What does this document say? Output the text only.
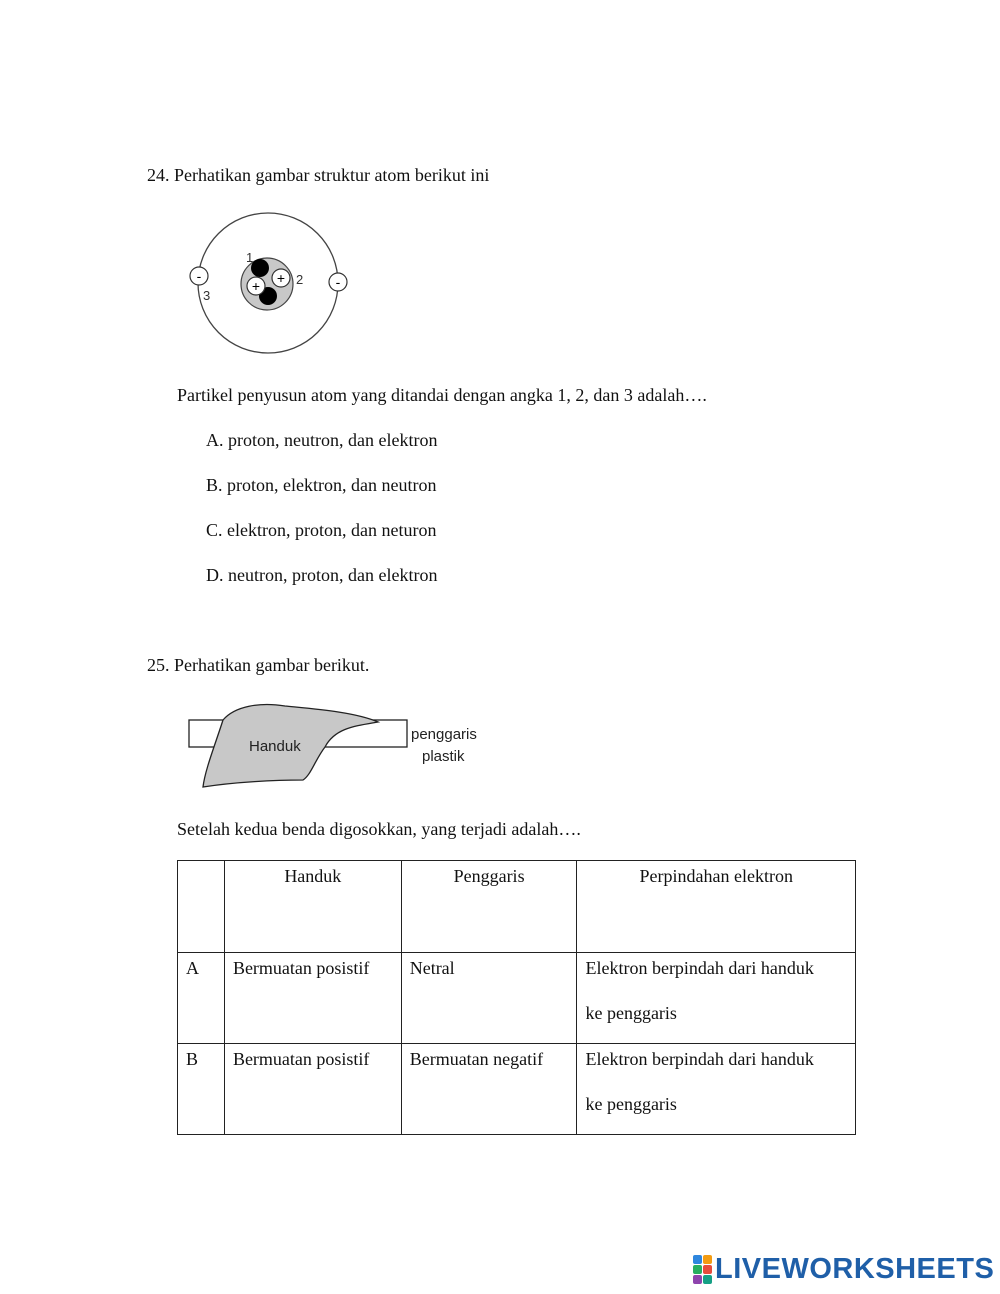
24. Perhatikan gambar struktur atom berikut ini
+
+
-	-
1
2
3
Partikel penyusun atom yang ditandai dengan angka 1, 2, dan 3 adalah….
A. proton, neutron, dan elektron
B. proton, elektron, dan neutron
C. elektron, proton, dan neturon
D. neutron, proton, dan elektron
25. Perhatikan gambar berikut.
Handuk
penggaris
plastik
Setelah kedua benda digosokkan, yang terjadi adalah….

	Handuk	Penggaris	Perpindahan elektron

A	Bermuatan posistif	Netral	Elektron berpindah dari handuk
ke penggaris

B	Bermuatan posistif	Bermuatan negatif	Elektron berpindah dari handuk
ke penggaris
LIVEWORKSHEETS
